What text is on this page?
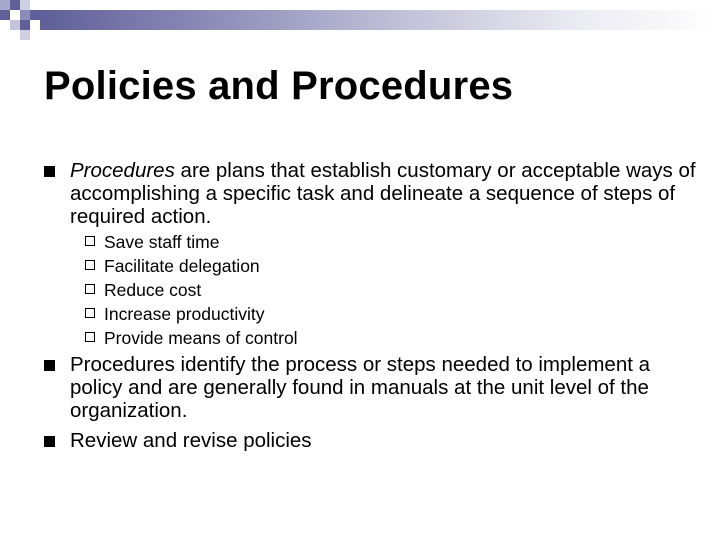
Policies and Procedures
Procedures are plans that establish customary or acceptable ways of accomplishing a specific task and delineate a sequence of steps of required action.
Save staff time
Facilitate delegation
Reduce cost
Increase productivity
Provide means of control
Procedures identify the process or steps needed to implement a policy and are generally found in manuals at the unit level of the organization.
Review and revise policies
